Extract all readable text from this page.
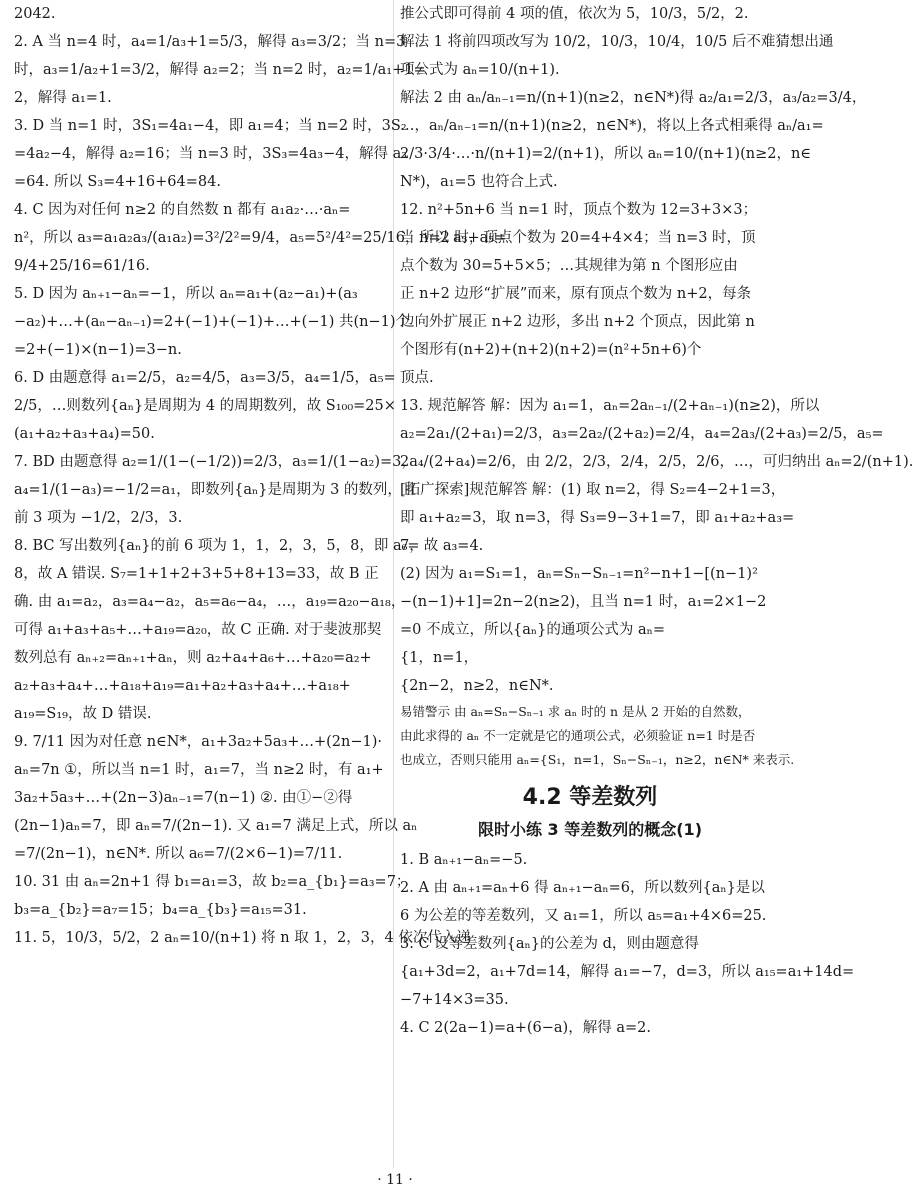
2042.
2. A 当 n=4 时，a₄=1/a₃+1=5/3，解得 a₃=3/2；当 n=3
时，a₃=1/a₂+1=3/2，解得 a₂=2；当 n=2 时，a₂=1/a₁+1=
2，解得 a₁=1.
3. D 当 n=1 时，3S₁=4a₁−4，即 a₁=4；当 n=2 时，3S₂
=4a₂−4，解得 a₂=16；当 n=3 时，3S₃=4a₃−4，解得 a₃
=64. 所以 S₃=4+16+64=84.
4. C 因为对任何 n≥2 的自然数 n 都有 a₁a₂·…·aₙ=
n²，所以 a₃=a₁a₂a₃/(a₁a₂)=3²/2²=9/4，a₅=5²/4²=25/16，所以 a₃+a₅=
9/4+25/16=61/16.
5. D 因为 aₙ₊₁−aₙ=−1，所以 aₙ=a₁+(a₂−a₁)+(a₃
−a₂)+…+(aₙ−aₙ₋₁)=2+(−1)+(−1)+…+(−1) 共(n−1)个
=2+(−1)×(n−1)=3−n.
6. D 由题意得 a₁=2/5，a₂=4/5，a₃=3/5，a₄=1/5，a₅=
2/5，…则数列{aₙ}是周期为 4 的周期数列，故 S₁₀₀=25×
(a₁+a₂+a₃+a₄)=50.
7. BD 由题意得 a₂=1/(1−(−1/2))=2/3，a₃=1/(1−a₂)=3，
a₄=1/(1−a₃)=−1/2=a₁，即数列{aₙ}是周期为 3 的数列，且
前 3 项为 −1/2，2/3，3.
8. BC 写出数列{aₙ}的前 6 项为 1，1，2，3，5，8，即 a₆=
8，故 A 错误. S₇=1+1+2+3+5+8+13=33，故 B 正
确. 由 a₁=a₂，a₃=a₄−a₂，a₅=a₆−a₄，…，a₁₉=a₂₀−a₁₈，
可得 a₁+a₃+a₅+…+a₁₉=a₂₀，故 C 正确. 对于斐波那契
数列总有 aₙ₊₂=aₙ₊₁+aₙ，则 a₂+a₄+a₆+…+a₂₀=a₂+
a₂+a₃+a₄+…+a₁₈+a₁₉=a₁+a₂+a₃+a₄+…+a₁₈+
a₁₉=S₁₉，故 D 错误.
9. 7/11 因为对任意 n∈N*，a₁+3a₂+5a₃+…+(2n−1)·
aₙ=7n ①，所以当 n=1 时，a₁=7，当 n≥2 时，有 a₁+
3a₂+5a₃+…+(2n−3)aₙ₋₁=7(n−1) ②. 由①−②得
(2n−1)aₙ=7，即 aₙ=7/(2n−1). 又 a₁=7 满足上式，所以 aₙ
=7/(2n−1)，n∈N*. 所以 a₆=7/(2×6−1)=7/11.
10. 31 由 aₙ=2n+1 得 b₁=a₁=3，故 b₂=a_{b₁}=a₃=7；
b₃=a_{b₂}=a₇=15；b₄=a_{b₃}=a₁₅=31.
11. 5，10/3，5/2，2 aₙ=10/(n+1) 将 n 取 1，2，3，4 依次代入递
推公式即可得前 4 项的值，依次为 5，10/3，5/2，2.
解法 1 将前四项改写为 10/2，10/3，10/4，10/5 后不难猜想出通
项公式为 aₙ=10/(n+1).
解法 2 由 aₙ/aₙ₋₁=n/(n+1)(n≥2，n∈N*)得 a₂/a₁=2/3，a₃/a₂=3/4，
…，aₙ/aₙ₋₁=n/(n+1)(n≥2，n∈N*)，将以上各式相乘得 aₙ/a₁=
2/3·3/4·…·n/(n+1)=2/(n+1)，所以 aₙ=10/(n+1)(n≥2，n∈
N*)，a₁=5 也符合上式.
12. n²+5n+6 当 n=1 时，顶点个数为 12=3+3×3；
当 n=2 时，顶点个数为 20=4+4×4；当 n=3 时，顶
点个数为 30=5+5×5；…其规律为第 n 个图形应由
正 n+2 边形“扩展”而来，原有顶点个数为 n+2，每条
边向外扩展正 n+2 边形，多出 n+2 个顶点，因此第 n
个图形有(n+2)+(n+2)(n+2)=(n²+5n+6)个
顶点.
13. 规范解答 解：因为 a₁=1，aₙ=2aₙ₋₁/(2+aₙ₋₁)(n≥2)，所以
a₂=2a₁/(2+a₁)=2/3，a₃=2a₂/(2+a₂)=2/4，a₄=2a₃/(2+a₃)=2/5，a₅=
2a₄/(2+a₄)=2/6，由 2/2，2/3，2/4，2/5，2/6，…，可归纳出 aₙ=2/(n+1).
[拓广探索]规范解答 解：(1) 取 n=2，得 S₂=4−2+1=3，
即 a₁+a₂=3，取 n=3，得 S₃=9−3+1=7，即 a₁+a₂+a₃=
7，故 a₃=4.
(2) 因为 a₁=S₁=1，aₙ=Sₙ−Sₙ₋₁=n²−n+1−[(n−1)²
−(n−1)+1]=2n−2(n≥2)，且当 n=1 时，a₁=2×1−2
=0 不成立，所以{aₙ}的通项公式为 aₙ=
{1，n=1，
{2n−2，n≥2，n∈N*.
易错警示 由 aₙ=Sₙ−Sₙ₋₁ 求 aₙ 时的 n 是从 2 开始的自然数，
由此求得的 aₙ 不一定就是它的通项公式，必须验证 n=1 时是否
也成立，否则只能用 aₙ={S₁，n=1，Sₙ−Sₙ₋₁，n≥2，n∈N* 来表示.
4.2 等差数列
限时小练 3 等差数列的概念(1)
1. B aₙ₊₁−aₙ=−5.
2. A 由 aₙ₊₁=aₙ+6 得 aₙ₊₁−aₙ=6，所以数列{aₙ}是以
6 为公差的等差数列，又 a₁=1，所以 a₅=a₁+4×6=25.
3. C 设等差数列{aₙ}的公差为 d，则由题意得
{a₁+3d=2，a₁+7d=14，解得 a₁=−7，d=3，所以 a₁₅=a₁+14d=
−7+14×3=35.
4. C 2(2a−1)=a+(6−a)，解得 a=2.
· 11 ·
